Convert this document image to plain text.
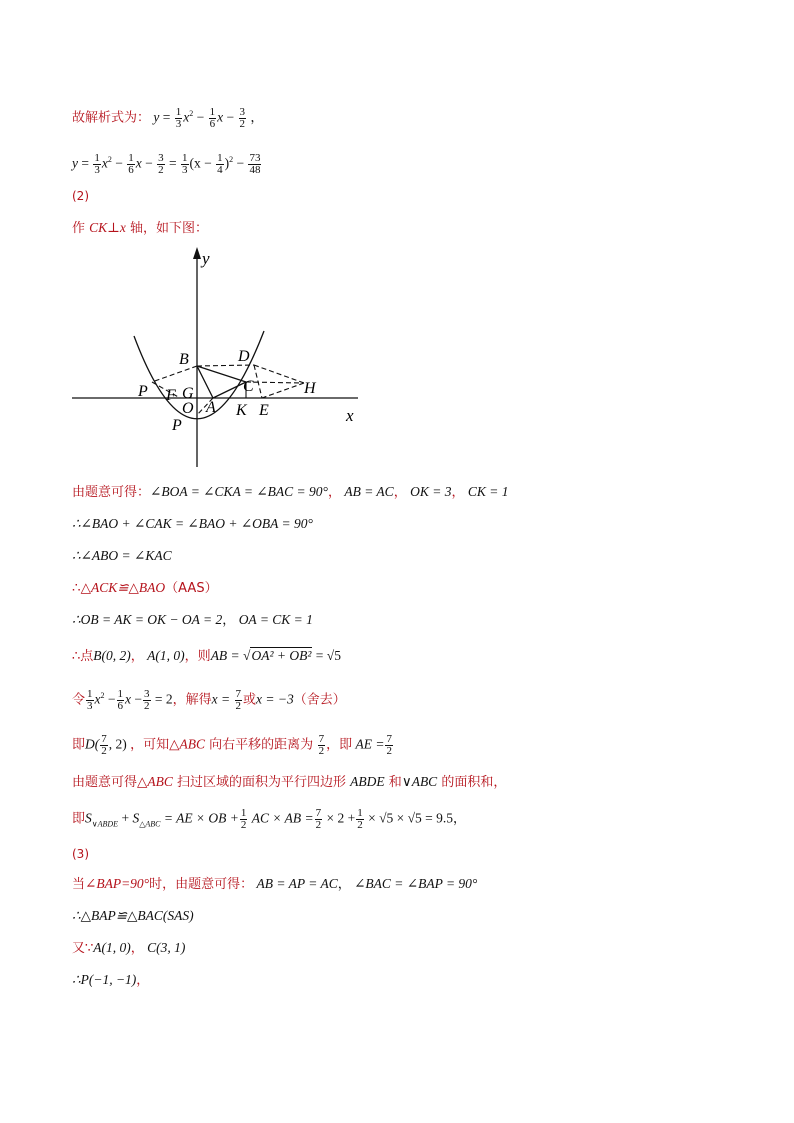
故解析式为： $y = \frac{1}{3} x^2 - \frac{1}{6}$ $x - \frac{3}{2}$ ，
$y = \frac{1}{3} x^2 - \frac{1}{6}$ $x - \frac{3}{2} = \frac{1}{3} (x - \frac{1}{4} )^2 - \frac{73}{48}$
(2)
作 CK⊥x 轴，如下图：
y
x
B	D
C	H
P F G
O A K E
P
由题意可得：∠BOA = ∠CKA = ∠BAC = 90°， AB = AC， OK = 3， CK = 1
∴∠BAO + ∠CAK = ∠BAO + ∠OBA = 90°
∴∠ABO = ∠KAC
∴△ACK≌△BAO（AAS）
∴OB = AK = OK − OA = 2， OA = CK = 1
∴点B(0, 2)， A(1, 0)，则AB = √OA² + OB² = √5
令 $\frac{1}{3} x^2 - \frac{1}{6}$ $x - \frac{3}{2} = 2$，解得$x = \frac{7}{2}$ 或x = −3（舍去）
即$D( \frac{7}{2}$ , 2) ，可知△ABC 向右平移的距离为 $\frac{7}{2}$ ，即 AE = $\frac{7}{2}$
由题意可得△ABC 扫过区域的面积为平行四边形 ABDE 和∨ABC 的面积和，
即$S_{\vee ABDE} + S_{\triangle ABC}$ = AE × OB + $\frac{1}{2}$ AC × AB = $\frac{7}{2} \times 2 + \frac{1}{2} \times √5 \times √5 = 9.5$，
(3)
当∠BAP=90°时，由题意可得： AB = AP = AC， ∠BAC = ∠BAP = 90°
∴△BAP≌△BAC(SAS)
又∵A(1, 0)， C(3, 1)
∴P(−1, −1)，
